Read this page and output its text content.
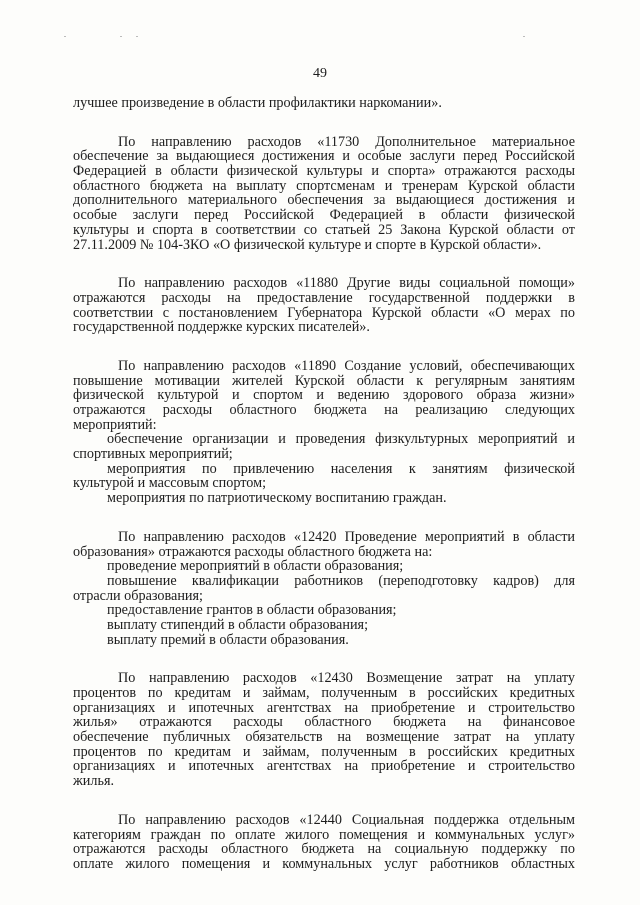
49
лучшее произведение в области профилактики наркомании».
По направлению расходов «11730 Дополнительное материальное
обеспечение за выдающиеся достижения и особые заслуги перед Российской
Федерацией в области физической культуры и спорта» отражаются расходы
областного бюджета на выплату спортсменам и тренерам Курской области
дополнительного материального обеспечения за выдающиеся достижения и
особые заслуги перед Российской Федерацией в области физической
культуры и спорта в соответствии со статьей 25 Закона Курской области от
27.11.2009 № 104-ЗКО «О физической культуре и спорте в Курской области».
По направлению расходов «11880 Другие виды социальной помощи»
отражаются расходы на предоставление государственной поддержки в
соответствии с постановлением Губернатора Курской области «О мерах по
государственной поддержке курских писателей».
По направлению расходов «11890 Создание условий, обеспечивающих
повышение мотивации жителей Курской области к регулярным занятиям
физической культурой и спортом и ведению здорового образа жизни»
отражаются расходы областного бюджета на реализацию следующих
мероприятий:
обеспечение организации и проведения физкультурных мероприятий и
спортивных мероприятий;
мероприятия по привлечению населения к занятиям физической
культурой и массовым спортом;
мероприятия по патриотическому воспитанию граждан.
По направлению расходов «12420 Проведение мероприятий в области
образования» отражаются расходы областного бюджета на:
проведение мероприятий в области образования;
повышение квалификации работников (переподготовку кадров) для
отрасли образования;
предоставление грантов в области образования;
выплату стипендий в области образования;
выплату премий в области образования.
По направлению расходов «12430 Возмещение затрат на уплату
процентов по кредитам и займам, полученным в российских кредитных
организациях и ипотечных агентствах на приобретение и строительство
жилья» отражаются расходы областного бюджета на финансовое
обеспечение публичных обязательств на возмещение затрат на уплату
процентов по кредитам и займам, полученным в российских кредитных
организациях и ипотечных агентствах на приобретение и строительство
жилья.
По направлению расходов «12440 Социальная поддержка отдельным
категориям граждан по оплате жилого помещения и коммунальных услуг»
отражаются расходы областного бюджета на социальную поддержку по
оплате жилого помещения и коммунальных услуг работников областных
